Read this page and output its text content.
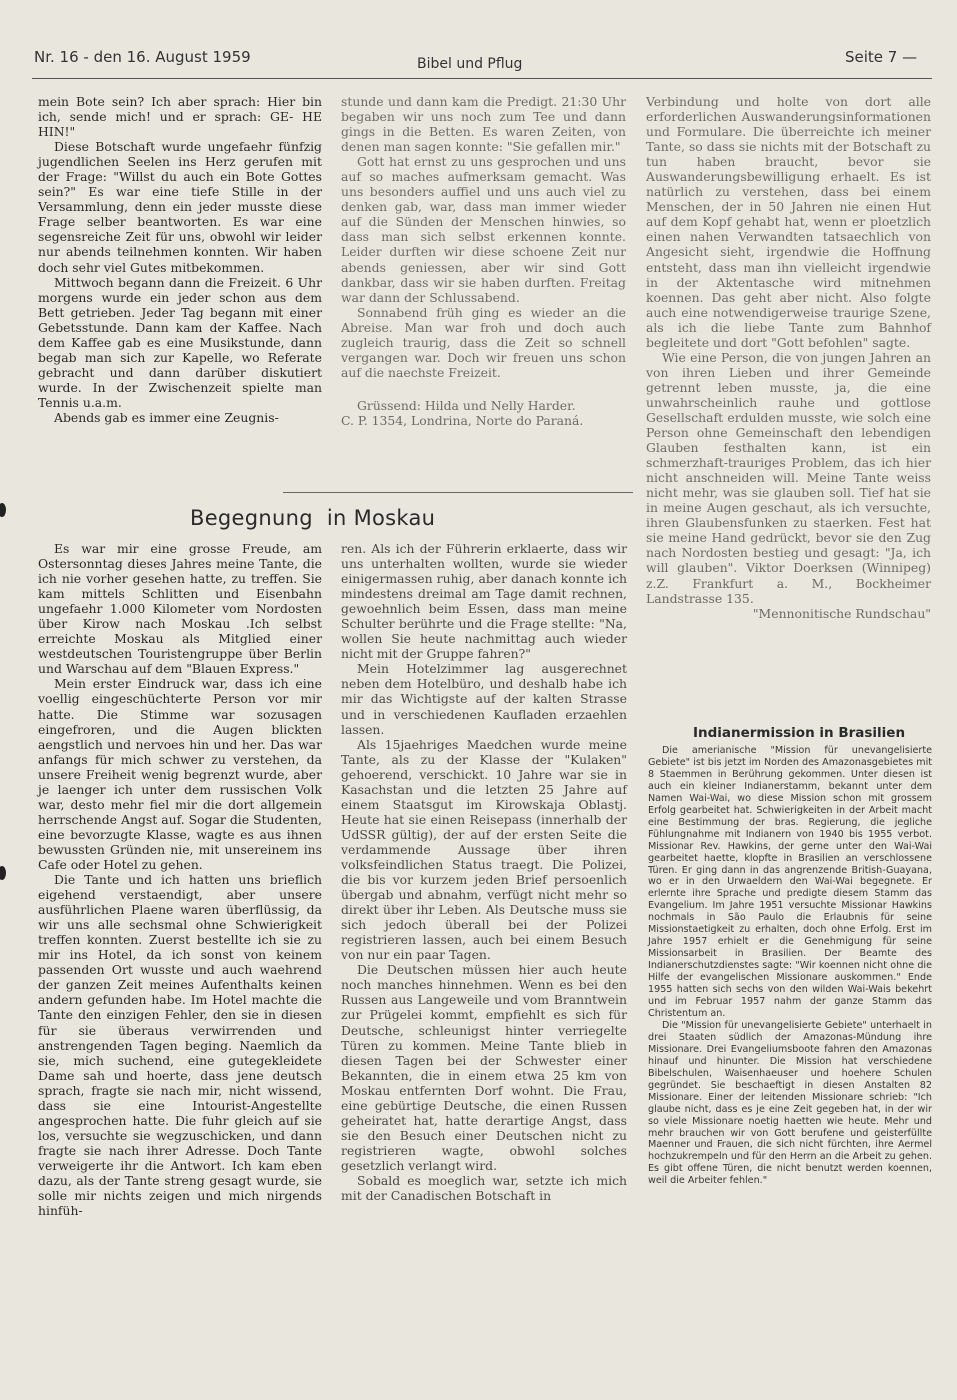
Nr. 16 - den 16. August 1959	Bibel und Pflug	Seite 7 —

mein Bote sein? Ich aber sprach: Hier bin ich, sende mich! und er sprach: GE- HE HIN!"

Diese Botschaft wurde ungefaehr fünfzig jugendlichen Seelen ins Herz gerufen mit der Frage: "Willst du auch ein Bote Gottes sein?" Es war eine tiefe Stille in der Versammlung, denn ein jeder musste diese Frage selber beantworten. Es war eine segensreiche Zeit für uns, obwohl wir leider nur abends teilnehmen konnten. Wir haben doch sehr viel Gutes mitbekommen.

Mittwoch begann dann die Freizeit. 6 Uhr morgens wurde ein jeder schon aus dem Bett getrieben. Jeder Tag begann mit einer Gebetsstunde. Dann kam der Kaffee. Nach dem Kaffee gab es eine Musikstunde, dann begab man sich zur Kapelle, wo Referate gebracht und dann darüber diskutiert wurde. In der Zwischenzeit spielte man Tennis u.a.m.

Abends gab es immer eine Zeugnis-

stunde und dann kam die Predigt. 21:30 Uhr begaben wir uns noch zum Tee und dann gings in die Betten. Es waren Zeiten, von denen man sagen konnte: "Sie gefallen mir."

Gott hat ernst zu uns gesprochen und uns auf so maches aufmerksam gemacht. Was uns besonders auffiel und uns auch viel zu denken gab, war, dass man immer wieder auf die Sünden der Menschen hinwies, so dass man sich selbst erkennen konnte. Leider durften wir diese schoene Zeit nur abends geniessen, aber wir sind Gott dankbar, dass wir sie haben durften. Freitag war dann der Schlussabend.

Sonnabend früh ging es wieder an die Abreise. Man war froh und doch auch zugleich traurig, dass die Zeit so schnell vergangen war. Doch wir freuen uns schon auf die naechste Freizeit.

Grüssend: Hilda und Nelly Harder.

C. P. 1354, Londrina, Norte do Paraná.

Verbindung und holte von dort alle erforderlichen Auswanderungsinformationen und Formulare. Die überreichte ich meiner Tante, so dass sie nichts mit der Botschaft zu tun haben braucht, bevor sie Auswanderungsbewilligung erhaelt. Es ist natürlich zu verstehen, dass bei einem Menschen, der in 50 Jahren nie einen Hut auf dem Kopf gehabt hat, wenn er ploetzlich einen nahen Verwandten tatsaechlich von Angesicht sieht, irgendwie die Hoffnung entsteht, dass man ihn vielleicht irgendwie in der Aktentasche wird mitnehmen koennen. Das geht aber nicht. Also folgte auch eine notwendigerweise traurige Szene, als ich die liebe Tante zum Bahnhof begleitete und dort "Gott befohlen" sagte.

Wie eine Person, die von jungen Jahren an von ihren Lieben und ihrer Gemeinde getrennt leben musste, ja, die eine unwahrscheinlich rauhe und gottlose Gesellschaft erdulden musste, wie solch eine Person ohne Gemeinschaft den lebendigen Glauben festhalten kann, ist ein schmerzhaft-trauriges Problem, das ich hier nicht anschneiden will. Meine Tante weiss nicht mehr, was sie glauben soll. Tief hat sie in meine Augen geschaut, als ich versuchte, ihren Glaubensfunken zu staerken. Fest hat sie meine Hand gedrückt, bevor sie den Zug nach Nordosten bestieg und gesagt: "Ja, ich will glauben". Viktor Doerksen (Winnipeg) z.Z. Frankfurt a. M., Bockheimer Landstrasse 135.

"Mennonitische Rundschau"

Begegnung in Moskau

Es war mir eine grosse Freude, am Ostersonntag dieses Jahres meine Tante, die ich nie vorher gesehen hatte, zu treffen. Sie kam mittels Schlitten und Eisenbahn ungefaehr 1.000 Kilometer vom Nordosten über Kirow nach Moskau .Ich selbst erreichte Moskau als Mitglied einer westdeutschen Touristengruppe über Berlin und Warschau auf dem "Blauen Express."

Mein erster Eindruck war, dass ich eine voellig eingeschüchterte Person vor mir hatte. Die Stimme war sozusagen eingefroren, und die Augen blickten aengstlich und nervoes hin und her. Das war anfangs für mich schwer zu verstehen, da unsere Freiheit wenig begrenzt wurde, aber je laenger ich unter dem russischen Volk war, desto mehr fiel mir die dort allgemein herrschende Angst auf. Sogar die Studenten, eine bevorzugte Klasse, wagte es aus ihnen bewussten Gründen nie, mit unsereinem ins Cafe oder Hotel zu gehen.

Die Tante und ich hatten uns brieflich eigehend verstaendigt, aber unsere ausführlichen Plaene waren überflüssig, da wir uns alle sechsmal ohne Schwierigkeit treffen konnten. Zuerst bestellte ich sie zu mir ins Hotel, da ich sonst von keinem passenden Ort wusste und auch waehrend der ganzen Zeit meines Aufenthalts keinen andern gefunden habe. Im Hotel machte die Tante den einzigen Fehler, den sie in diesen für sie überaus verwirrenden und anstrengenden Tagen beging. Naemlich da sie, mich suchend, eine gutegekleidete Dame sah und hoerte, dass jene deutsch sprach, fragte sie nach mir, nicht wissend, dass sie eine Intourist-Angestellte angesprochen hatte. Die fuhr gleich auf sie los, versuchte sie wegzuschicken, und dann fragte sie nach ihrer Adresse. Doch Tante verweigerte ihr die Antwort. Ich kam eben dazu, als der Tante streng gesagt wurde, sie solle mir nichts zeigen und mich nirgends hinfüh-

ren. Als ich der Führerin erklaerte, dass wir uns unterhalten wollten, wurde sie wieder einigermassen ruhig, aber danach konnte ich mindestens dreimal am Tage damit rechnen, gewoehnlich beim Essen, dass man meine Schulter berührte und die Frage stellte: "Na, wollen Sie heute nachmittag auch wieder nicht mit der Gruppe fahren?"

Mein Hotelzimmer lag ausgerechnet neben dem Hotelbüro, und deshalb habe ich mir das Wichtigste auf der kalten Strasse und in verschiedenen Kaufladen erzaehlen lassen.

Als 15jaehriges Maedchen wurde meine Tante, als zu der Klasse der "Kulaken" gehoerend, verschickt. 10 Jahre war sie in Kasachstan und die letzten 25 Jahre auf einem Staatsgut im Kirowskaja Oblastj. Heute hat sie einen Reisepass (innerhalb der UdSSR gültig), der auf der ersten Seite die verdammende Aussage über ihren volksfeindlichen Status traegt. Die Polizei, die bis vor kurzem jeden Brief persoenlich übergab und abnahm, verfügt nicht mehr so direkt über ihr Leben. Als Deutsche muss sie sich jedoch überall bei der Polizei registrieren lassen, auch bei einem Besuch von nur ein paar Tagen.

Die Deutschen müssen hier auch heute noch manches hinnehmen. Wenn es bei den Russen aus Langeweile und vom Branntwein zur Prügelei kommt, empfiehlt es sich für Deutsche, schleunigst hinter verriegelte Türen zu kommen. Meine Tante blieb in diesen Tagen bei der Schwester einer Bekannten, die in einem etwa 25 km von Moskau entfernten Dorf wohnt. Die Frau, eine gebürtige Deutsche, die einen Russen geheiratet hat, hatte derartige Angst, dass sie den Besuch einer Deutschen nicht zu registrieren wagte, obwohl solches gesetzlich verlangt wird.

Sobald es moeglich war, setzte ich mich mit der Canadischen Botschaft in

Indianermission in Brasilien

Die amerianische "Mission für unevangelisierte Gebiete" ist bis jetzt im Norden des Amazonasgebietes mit 8 Staemmen in Berührung gekommen. Unter diesen ist auch ein kleiner Indianerstamm, bekannt unter dem Namen Wai-Wai, wo diese Mission schon mit grossem Erfolg gearbeitet hat. Schwierigkeiten in der Arbeit macht eine Bestimmung der bras. Regierung, die jegliche Fühlungnahme mit Indianern von 1940 bis 1955 verbot. Missionar Rev. Hawkins, der gerne unter den Wai-Wai gearbeitet haette, klopfte in Brasilien an verschlossene Türen. Er ging dann in das angrenzende British-Guayana, wo er in den Urwaeldern den Wai-Wai begegnete. Er erlernte ihre Sprache und predigte diesem Stamm das Evangelium. Im Jahre 1951 versuchte Missionar Hawkins nochmals in São Paulo die Erlaubnis für seine Missionstaetigkeit zu erhalten, doch ohne Erfolg. Erst im Jahre 1957 erhielt er die Genehmigung für seine Missionsarbeit in Brasilien. Der Beamte des Indianerschutzdienstes sagte: "Wir koennen nicht ohne die Hilfe der evangelischen Missionare auskommen." Ende 1955 hatten sich sechs von den wilden Wai-Wais bekehrt und im Februar 1957 nahm der ganze Stamm das Christentum an.

Die "Mission für unevangelisierte Gebiete" unterhaelt in drei Staaten südlich der Amazonas-Mündung ihre Missionare. Drei Evangeliumsboote fahren den Amazonas hinauf und hinunter. Die Mission hat verschiedene Bibelschulen, Waisenhaeuser und hoehere Schulen gegründet. Sie beschaeftigt in diesen Anstalten 82 Missionare. Einer der leitenden Missionare schrieb: "Ich glaube nicht, dass es je eine Zeit gegeben hat, in der wir so viele Missionare noetig haetten wie heute. Mehr und mehr brauchen wir von Gott berufene und geisterfüllte Maenner und Frauen, die sich nicht fürchten, ihre Aermel hochzukrempeln und für den Herrn an die Arbeit zu gehen. Es gibt offene Türen, die nicht benutzt werden koennen, weil die Arbeiter fehlen."
